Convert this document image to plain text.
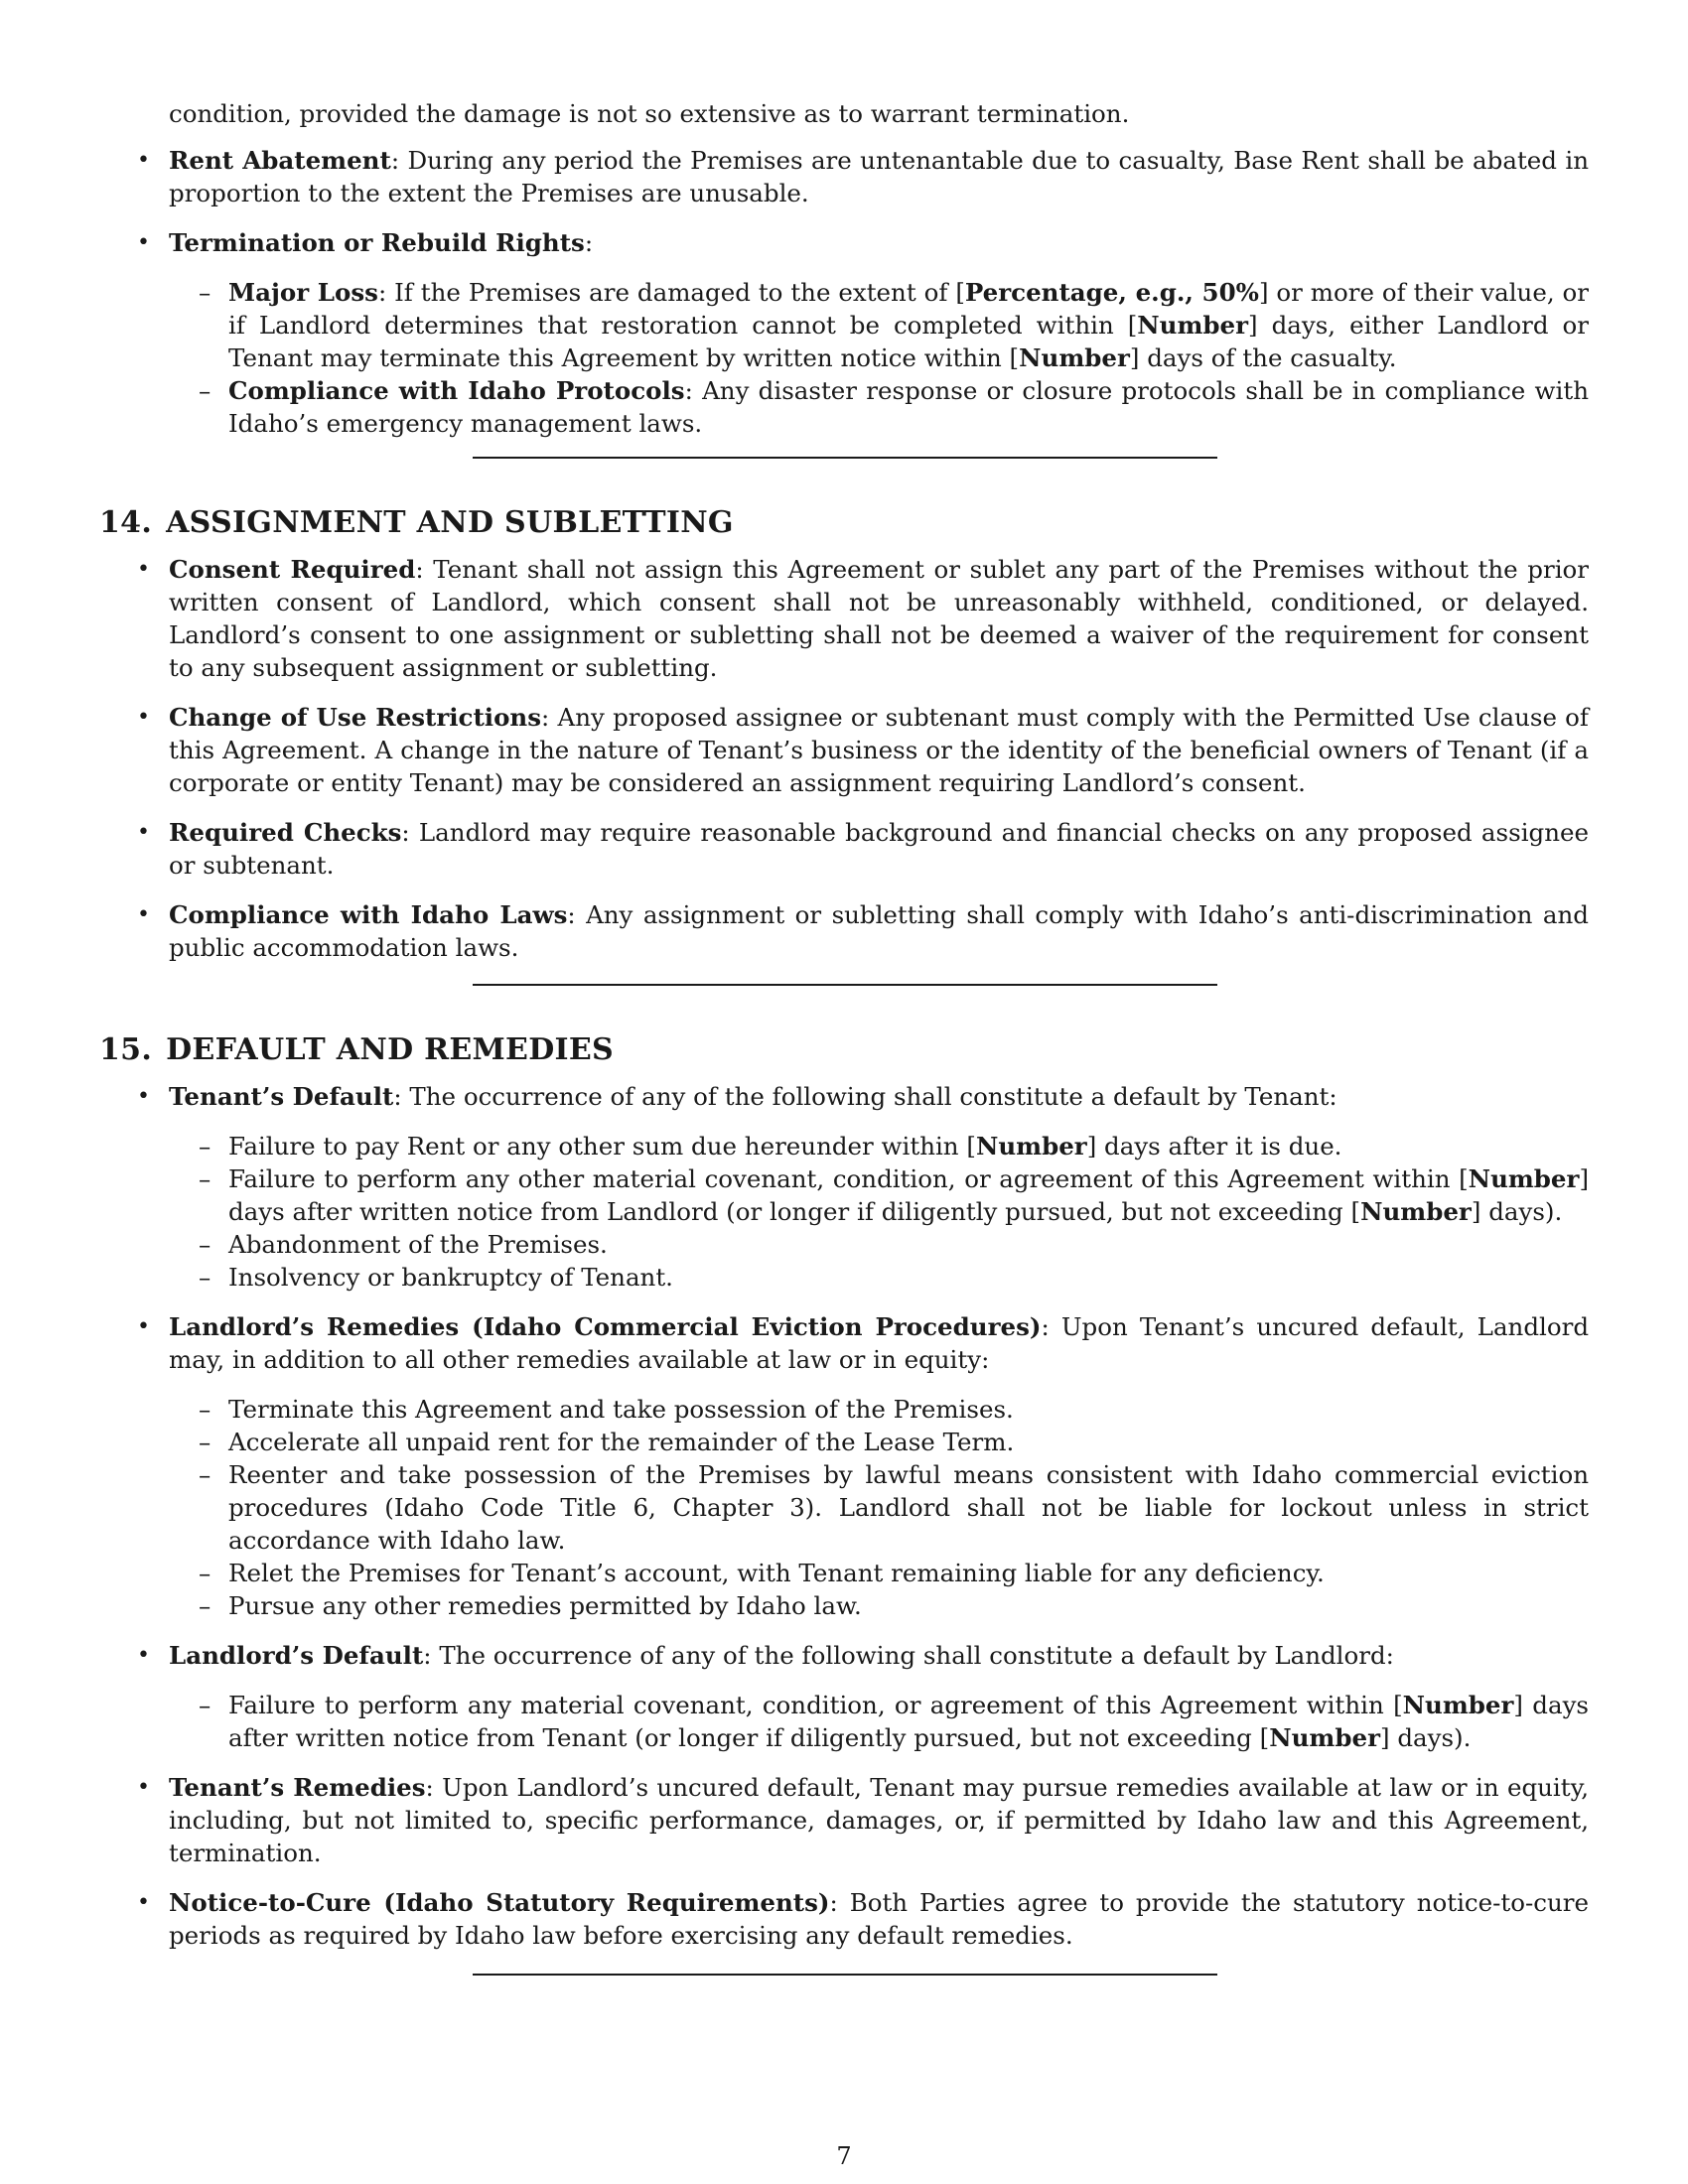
condition, provided the damage is not so extensive as to warrant termination.

• Rent Abatement: During any period the Premises are untenantable due to casualty, Base Rent shall be abated in proportion to the extent the Premises are unusable.
• Termination or Rebuild Rights:
– Major Loss: If the Premises are damaged to the extent of [Percentage, e.g., 50%] or more of their value, or if Landlord determines that restoration cannot be completed within [Number] days, either Landlord or Tenant may terminate this Agreement by written notice within [Number] days of the casualty.
– Compliance with Idaho Protocols: Any disaster response or closure protocols shall be in compliance with Idaho’s emergency management laws.
14. ASSIGNMENT AND SUBLETTING
• Consent Required: Tenant shall not assign this Agreement or sublet any part of the Premises without the prior written consent of Landlord, which consent shall not be unreasonably withheld, conditioned, or delayed. Landlord’s consent to one assignment or subletting shall not be deemed a waiver of the requirement for consent to any subsequent assignment or subletting.
• Change of Use Restrictions: Any proposed assignee or subtenant must comply with the Permitted Use clause of this Agreement. A change in the nature of Tenant’s business or the identity of the beneficial owners of Tenant (if a corporate or entity Tenant) may be considered an assignment requiring Landlord’s consent.
• Required Checks: Landlord may require reasonable background and financial checks on any proposed assignee or subtenant.
• Compliance with Idaho Laws: Any assignment or subletting shall comply with Idaho’s anti-discrimination and public accommodation laws.
15. DEFAULT AND REMEDIES
• Tenant’s Default: The occurrence of any of the following shall constitute a default by Tenant:
– Failure to pay Rent or any other sum due hereunder within [Number] days after it is due.
– Failure to perform any other material covenant, condition, or agreement of this Agreement within [Number] days after written notice from Landlord (or longer if diligently pursued, but not exceeding [Number] days).
– Abandonment of the Premises.
– Insolvency or bankruptcy of Tenant.
• Landlord’s Remedies (Idaho Commercial Eviction Procedures): Upon Tenant’s uncured default, Landlord may, in addition to all other remedies available at law or in equity:
– Terminate this Agreement and take possession of the Premises.
– Accelerate all unpaid rent for the remainder of the Lease Term.
– Reenter and take possession of the Premises by lawful means consistent with Idaho commercial eviction procedures (Idaho Code Title 6, Chapter 3). Landlord shall not be liable for lockout unless in strict accordance with Idaho law.
– Relet the Premises for Tenant’s account, with Tenant remaining liable for any deficiency.
– Pursue any other remedies permitted by Idaho law.
• Landlord’s Default: The occurrence of any of the following shall constitute a default by Landlord:
– Failure to perform any material covenant, condition, or agreement of this Agreement within [Number] days after written notice from Tenant (or longer if diligently pursued, but not exceeding [Number] days).
• Tenant’s Remedies: Upon Landlord’s uncured default, Tenant may pursue remedies available at law or in equity, including, but not limited to, specific performance, damages, or, if permitted by Idaho law and this Agreement, termination.
• Notice-to-Cure (Idaho Statutory Requirements): Both Parties agree to provide the statutory notice-to-cure periods as required by Idaho law before exercising any default remedies.
7
